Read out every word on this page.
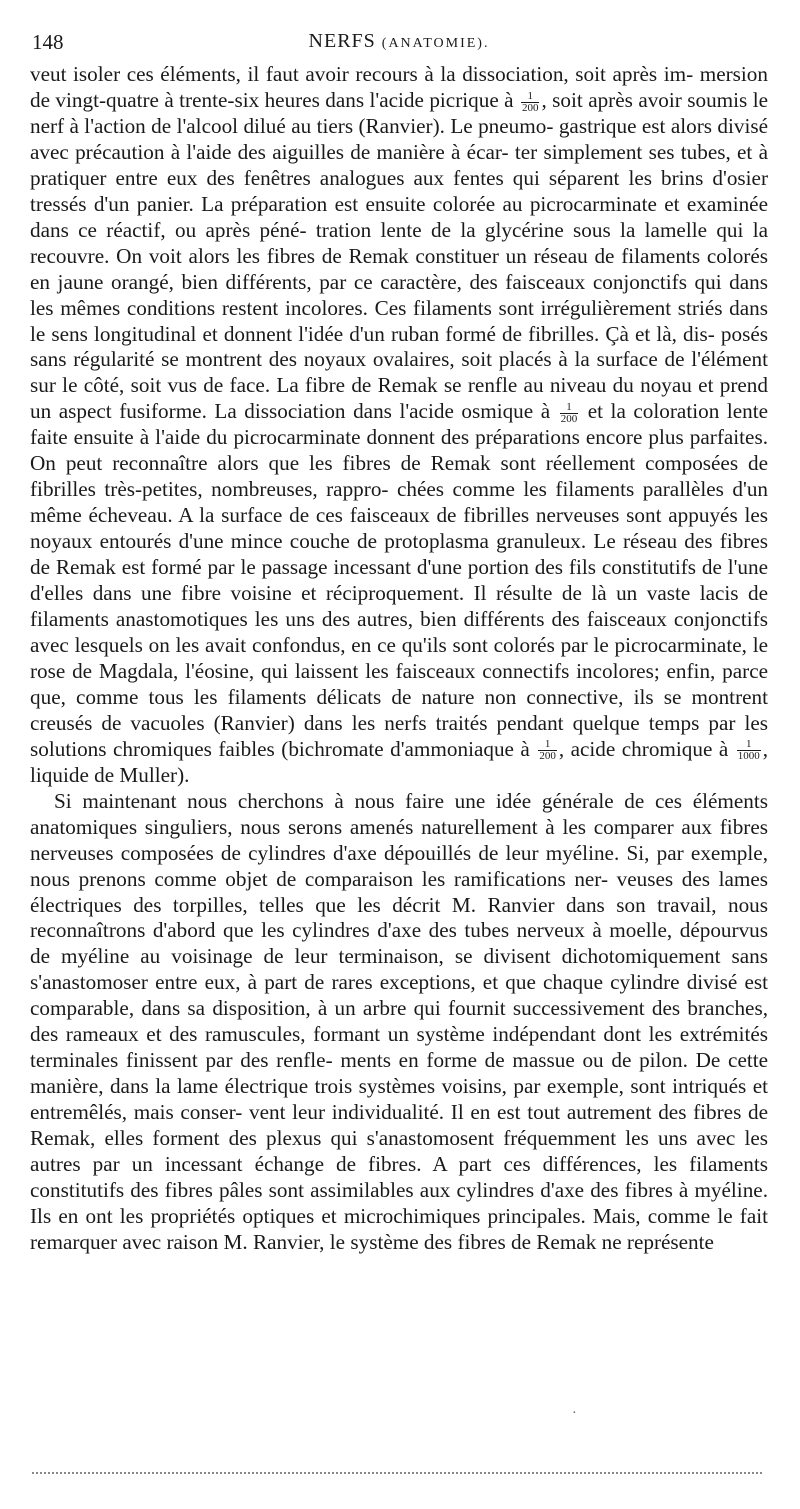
148	NERFS (ANATOMIE).

veut isoler ces éléments, il faut avoir recours à la dissociation, soit après im- mersion de vingt-quatre à trente-six heures dans l'acide picrique à $\frac{1}{200}$ , soit après avoir soumis le nerf à l'action de l'alcool dilué au tiers (Ranvier). Le pneumo- gastrique est alors divisé avec précaution à l'aide des aiguilles de manière à écar- ter simplement ses tubes, et à pratiquer entre eux des fenêtres analogues aux fentes qui séparent les brins d'osier tressés d'un panier. La préparation est ensuite colorée au picrocarminate et examinée dans ce réactif, ou après péné- tration lente de la glycérine sous la lamelle qui la recouvre. On voit alors les fibres de Remak constituer un réseau de filaments colorés en jaune orangé, bien différents, par ce caractère, des faisceaux conjonctifs qui dans les mêmes conditions restent incolores. Ces filaments sont irrégulièrement striés dans le sens longitudinal et donnent l'idée d'un ruban formé de fibrilles. Çà et là, dis- posés sans régularité se montrent des noyaux ovalaires, soit placés à la surface de l'élément sur le côté, soit vus de face. La fibre de Remak se renfle au niveau du noyau et prend un aspect fusiforme. La dissociation dans l'acide osmique à $\frac{1}{200}$ et la coloration lente faite ensuite à l'aide du picrocarminate donnent des préparations encore plus parfaites. On peut reconnaître alors que les fibres de Remak sont réellement composées de fibrilles très-petites, nombreuses, rappro- chées comme les filaments parallèles d'un même écheveau. A la surface de ces faisceaux de fibrilles nerveuses sont appuyés les noyaux entourés d'une mince couche de protoplasma granuleux. Le réseau des fibres de Remak est formé par le passage incessant d'une portion des fils constitutifs de l'une d'elles dans une fibre voisine et réciproquement. Il résulte de là un vaste lacis de filaments anastomotiques les uns des autres, bien différents des faisceaux conjonctifs avec lesquels on les avait confondus, en ce qu'ils sont colorés par le picrocarminate, le rose de Magdala, l'éosine, qui laissent les faisceaux connectifs incolores; enfin, parce que, comme tous les filaments délicats de nature non connective, ils se montrent creusés de vacuoles (Ranvier) dans les nerfs traités pendant quelque temps par les solutions chromiques faibles (bichromate d'ammoniaque à $\frac{1}{200}$ , acide chromique à $\frac{1}{1000}$ , liquide de Muller).

Si maintenant nous cherchons à nous faire une idée générale de ces éléments anatomiques singuliers, nous serons amenés naturellement à les comparer aux fibres nerveuses composées de cylindres d'axe dépouillés de leur myéline. Si, par exemple, nous prenons comme objet de comparaison les ramifications ner- veuses des lames électriques des torpilles, telles que les décrit M. Ranvier dans son travail, nous reconnaîtrons d'abord que les cylindres d'axe des tubes nerveux à moelle, dépourvus de myéline au voisinage de leur terminaison, se divisent dichotomiquement sans s'anastomoser entre eux, à part de rares exceptions, et que chaque cylindre divisé est comparable, dans sa disposition, à un arbre qui fournit successivement des branches, des rameaux et des ramuscules, formant un système indépendant dont les extrémités terminales finissent par des renfle- ments en forme de massue ou de pilon. De cette manière, dans la lame électrique trois systèmes voisins, par exemple, sont intriqués et entremêlés, mais conser- vent leur individualité. Il en est tout autrement des fibres de Remak, elles forment des plexus qui s'anastomosent fréquemment les uns avec les autres par un incessant échange de fibres. A part ces différences, les filaments constitutifs des fibres pâles sont assimilables aux cylindres d'axe des fibres à myéline. Ils en ont les propriétés optiques et microchimiques principales. Mais, comme le fait remarquer avec raison M. Ranvier, le système des fibres de Remak ne représente

·
